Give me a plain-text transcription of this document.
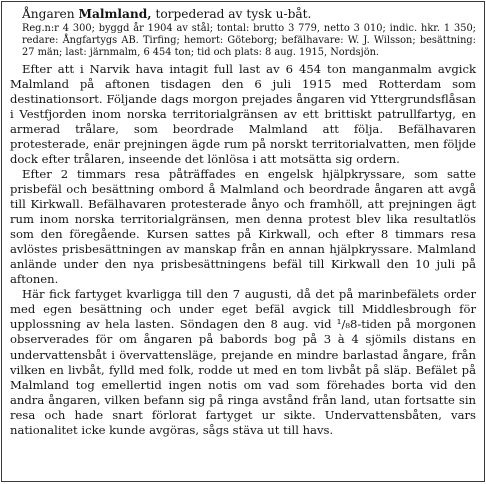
Ångaren Malmland, torpederad av tysk u-båt.

Reg.n:r 4 300; byggd år 1904 av stål; tontal: brutto 3 779, netto 3 010; indic. hkr. 1 350; redare: Ångfartygs AB. Tirfing; hemort: Göteborg; befälhavare: W. J. Wilsson; besättning: 27 män; last: järnmalm, 6 454 ton; tid och plats: 8 aug. 1915, Nordsjön.

Efter att i Narvik hava intagit full last av 6 454 ton manganmalm avgick Malmland på aftonen tisdagen den 6 juli 1915 med Rotterdam som destinationsort. Följande dags morgon prejades ångaren vid Yttergrundsflåsan i Vestfjorden inom norska territorialgränsen av ett brittiskt patrullfartyg, en armerad trålare, som beordrade Malmland att följa. Befälhavaren protesterade, enär prejningen ägde rum på norskt territorialvatten, men följde dock efter trålaren, inseende det lönlösa i att motsätta sig ordern.

Efter 2 timmars resa påträffades en engelsk hjälpkryssare, som satte prisbefäl och besättning ombord å Malmland och beordrade ångaren att avgå till Kirkwall. Befälhavaren protesterade ånyo och framhöll, att prejningen ägt rum inom norska territorialgränsen, men denna protest blev lika resultatlös som den föregående. Kursen sattes på Kirkwall, och efter 8 timmars resa avlöstes prisbesättningen av manskap från en annan hjälpkryssare. Malmland anlände under den nya prisbesättningens befäl till Kirkwall den 10 juli på aftonen.

Här fick fartyget kvarligga till den 7 augusti, då det på marinbefälets order med egen besättning och under eget befäl avgick till Middlesbrough för upplossning av hela lasten. Söndagen den 8 aug. vid ¹/₈8-tiden på morgonen observerades för om ångaren på babords bog på 3 à 4 sjömils distans en undervattensbåt i övervattensläge, prejande en mindre barlastad ångare, från vilken en livbåt, fylld med folk, rodde ut med en tom livbåt på släp. Befälet på Malmland tog emellertid ingen notis om vad som förehades borta vid den andra ångaren, vilken befann sig på ringa avstånd från land, utan fortsatte sin resa och hade snart förlorat fartyget ur sikte. Undervattensbåten, vars nationalitet icke kunde avgöras, sågs stäva ut till havs.
